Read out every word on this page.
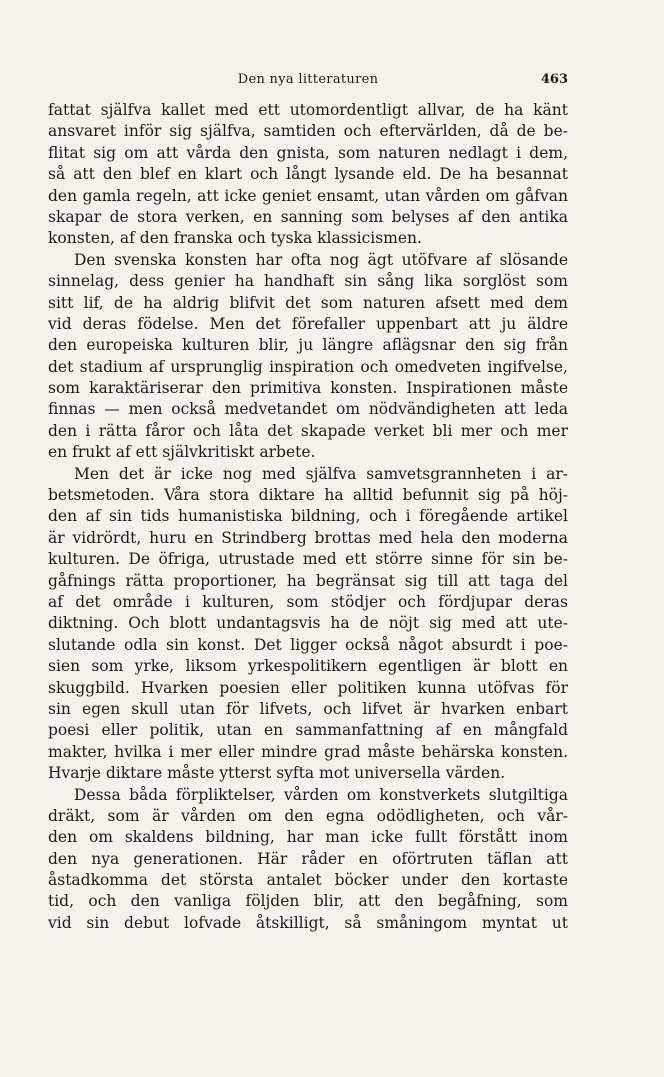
Den nya litteraturen	463
fattat själfva kallet med ett utomordentligt allvar, de ha känt
ansvaret inför sig själfva, samtiden och eftervärlden, då de be-
flitat sig om att vårda den gnista, som naturen nedlagt i dem,
så att den blef en klart och långt lysande eld. De ha besannat
den gamla regeln, att icke geniet ensamt, utan vården om gåfvan
skapar de stora verken, en sanning som belyses af den antika
konsten, af den franska och tyska klassicismen.
Den svenska konsten har ofta nog ägt utöfvare af slösande
sinnelag, dess genier ha handhaft sin sång lika sorglöst som
sitt lif, de ha aldrig blifvit det som naturen afsett med dem
vid deras födelse. Men det förefaller uppenbart att ju äldre
den europeiska kulturen blir, ju längre aflägsnar den sig från
det stadium af ursprunglig inspiration och omedveten ingifvelse,
som karaktäriserar den primitiva konsten. Inspirationen måste
finnas — men också medvetandet om nödvändigheten att leda
den i rätta fåror och låta det skapade verket bli mer och mer
en frukt af ett självkritiskt arbete.
Men det är icke nog med själfva samvetsgrannheten i ar-
betsmetoden. Våra stora diktare ha alltid befunnit sig på höj-
den af sin tids humanistiska bildning, och i föregående artikel
är vidrördt, huru en Strindberg brottas med hela den moderna
kulturen. De öfriga, utrustade med ett större sinne för sin be-
gåfnings rätta proportioner, ha begränsat sig till att taga del
af det område i kulturen, som stödjer och fördjupar deras
diktning. Och blott undantagsvis ha de nöjt sig med att ute-
slutande odla sin konst. Det ligger också något absurdt i poe-
sien som yrke, liksom yrkespolitikern egentligen är blott en
skuggbild. Hvarken poesien eller politiken kunna utöfvas för
sin egen skull utan för lifvets, och lifvet är hvarken enbart
poesi eller politik, utan en sammanfattning af en mångfald
makter, hvilka i mer eller mindre grad måste behärska konsten.
Hvarje diktare måste ytterst syfta mot universella värden.
Dessa båda förpliktelser, vården om konstverkets slutgiltiga
dräkt, som är vården om den egna odödligheten, och vår-
den om skaldens bildning, har man icke fullt förstått inom
den nya generationen. Här råder en oförtruten täflan att
åstadkomma det största antalet böcker under den kortaste
tid, och den vanliga följden blir, att den begåfning, som
vid sin debut lofvade åtskilligt, så småningom myntat ut
